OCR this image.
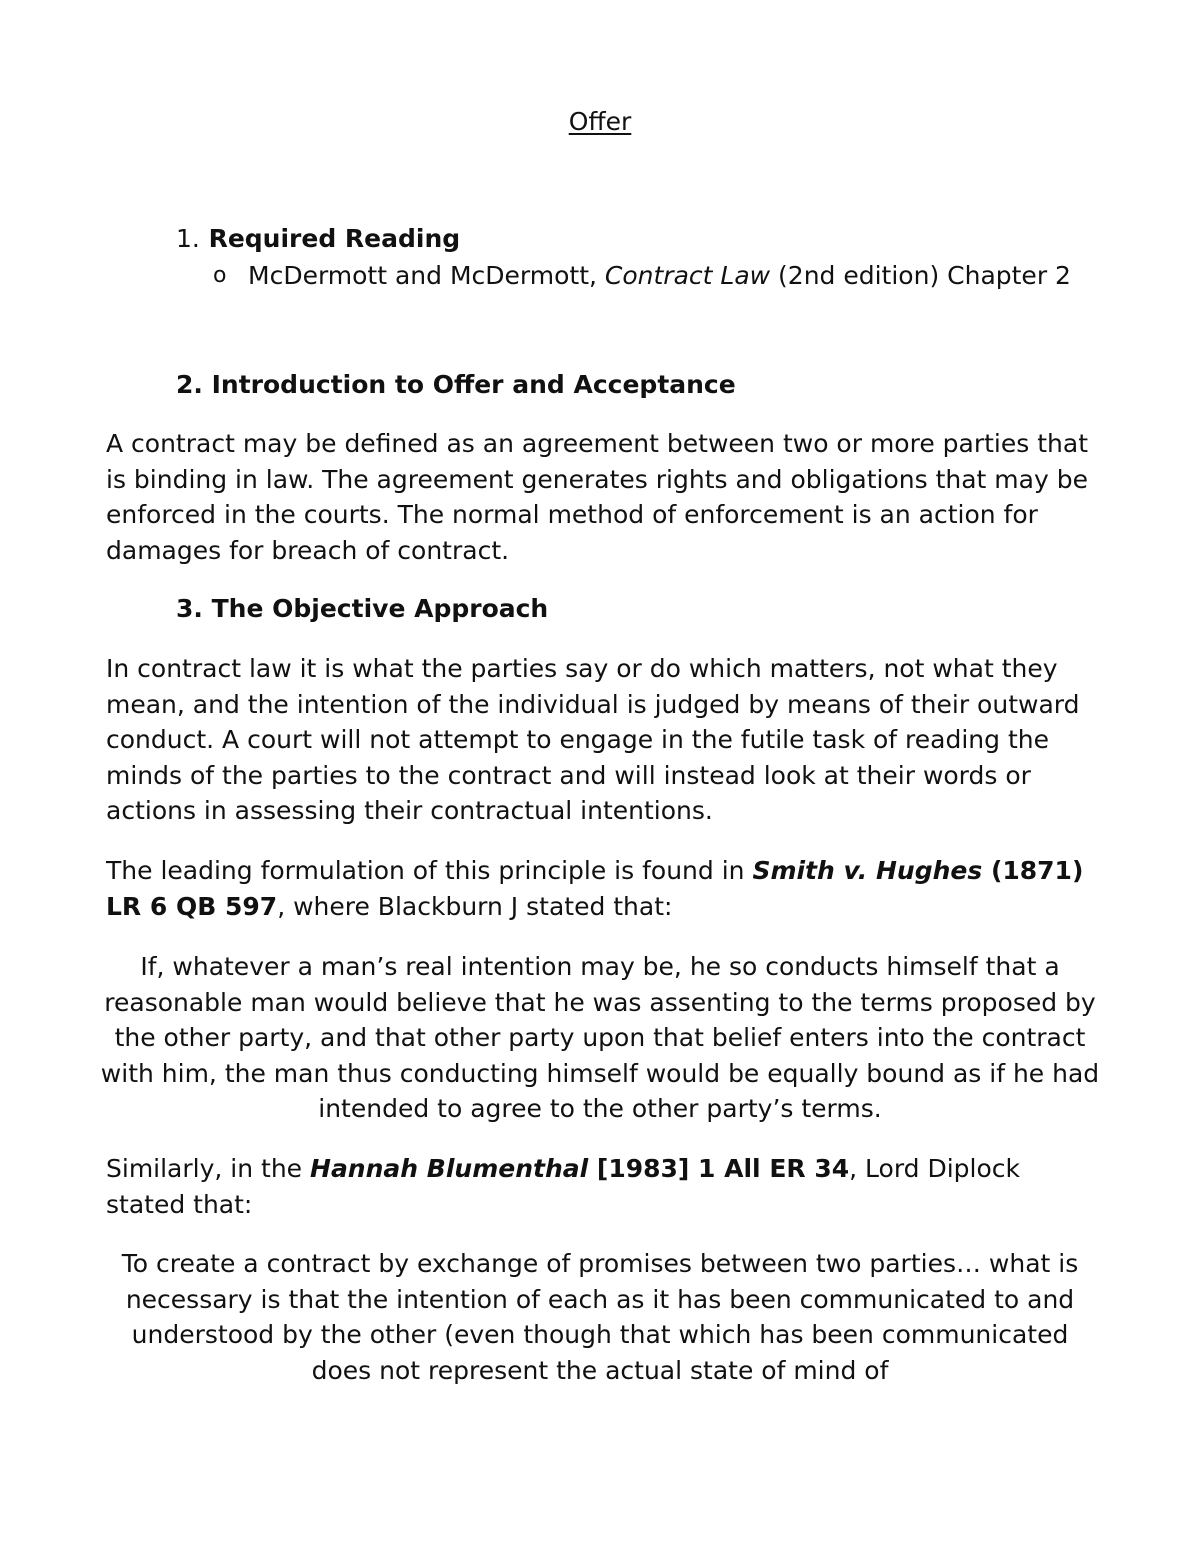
Offer
1. Required Reading
o McDermott and McDermott, Contract Law (2nd edition) Chapter 2
2. Introduction to Offer and Acceptance
A contract may be defined as an agreement between two or more parties that is binding in law. The agreement generates rights and obligations that may be enforced in the courts. The normal method of enforcement is an action for damages for breach of contract.
3. The Objective Approach
In contract law it is what the parties say or do which matters, not what they mean, and the intention of the individual is judged by means of their outward conduct. A court will not attempt to engage in the futile task of reading the minds of the parties to the contract and will instead look at their words or actions in assessing their contractual intentions.
The leading formulation of this principle is found in Smith v. Hughes (1871) LR 6 QB 597, where Blackburn J stated that:
If, whatever a man’s real intention may be, he so conducts himself that a reasonable man would believe that he was assenting to the terms proposed by the other party, and that other party upon that belief enters into the contract with him, the man thus conducting himself would be equally bound as if he had intended to agree to the other party’s terms.
Similarly, in the Hannah Blumenthal [1983] 1 All ER 34, Lord Diplock stated that:
To create a contract by exchange of promises between two parties… what is necessary is that the intention of each as it has been communicated to and understood by the other (even though that which has been communicated does not represent the actual state of mind of
